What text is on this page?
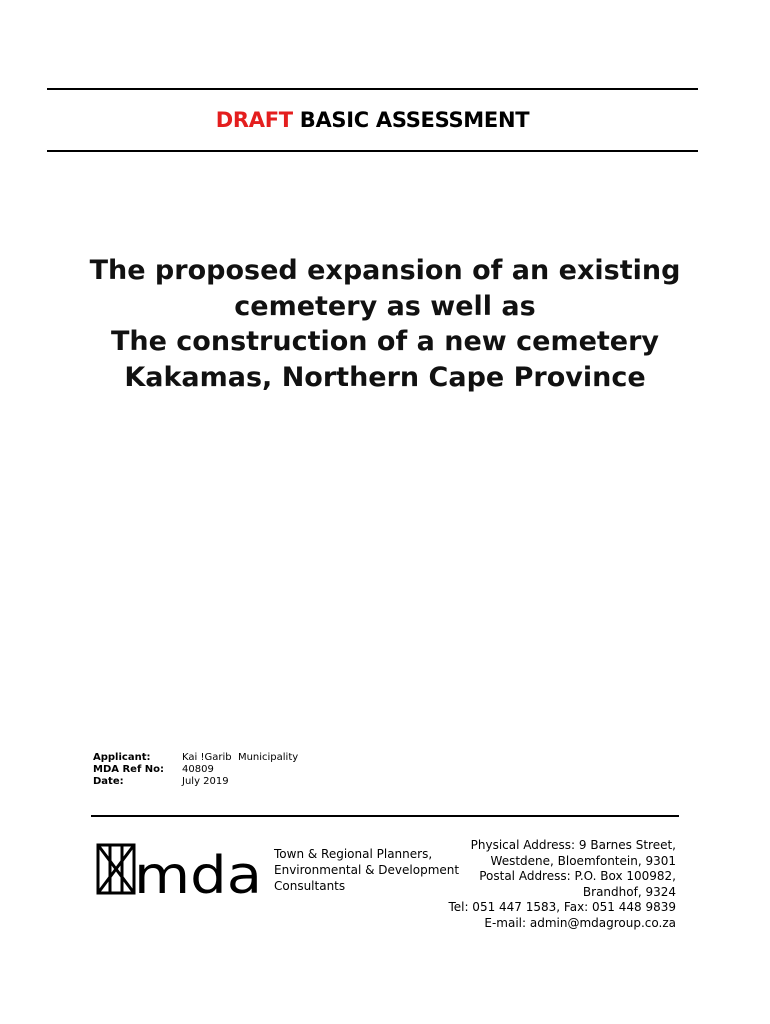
DRAFT BASIC ASSESSMENT
The proposed expansion of an existing
cemetery as well as
The construction of a new cemetery
Kakamas, Northern Cape Province
Applicant:	Kai !Garib  Municipality
MDA Ref No:	40809
Date:	July 2019
mda Town & Regional Planners,
Environmental & Development
Consultants
Physical Address: 9 Barnes Street,
Westdene, Bloemfontein, 9301
Postal Address: P.O. Box 100982,
Brandhof, 9324
Tel: 051 447 1583, Fax: 051 448 9839
E-mail: admin@mdagroup.co.za
